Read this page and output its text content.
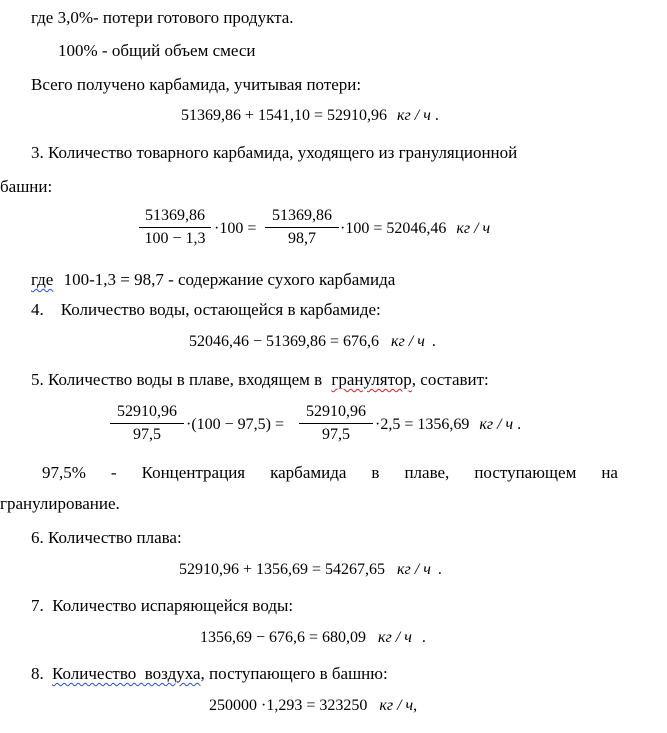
где 3,0%- потери готового продукта.
100% - общий объем смеси
Всего получено карбамида, учитывая потери:
51369,86 + 1541,10 = 52910,96 кг / ч .
3. Количество товарного карбамида, уходящего из грануляционной
башни:
51369,86
100 − 1,3
·100 =
51369,86
98,7
·100 = 52046,46 кг / ч
где 100-1,3 = 98,7 - содержание сухого карбамида
4.    Количество воды, остающейся в карбамиде:
52046,46 − 51369,86 = 676,6 кг / ч .
5. Количество воды в плаве, входящем в гранулятор, составит:
52910,96
97,5
·(100 − 97,5) =
52910,96
97,5
·2,5 = 1356,69 кг / ч .
97,5% - Концентрация карбамида в плаве, поступающем на
гранулирование.
6. Количество плава:
52910,96 + 1356,69 = 54267,65 кг / ч .
7.  Количество испаряющейся воды:
1356,69 − 676,6 = 680,09 кг / ч .
8. Количество  воздуха, поступающего в башню:
250000 ·1,293 = 323250 кг / ч,
